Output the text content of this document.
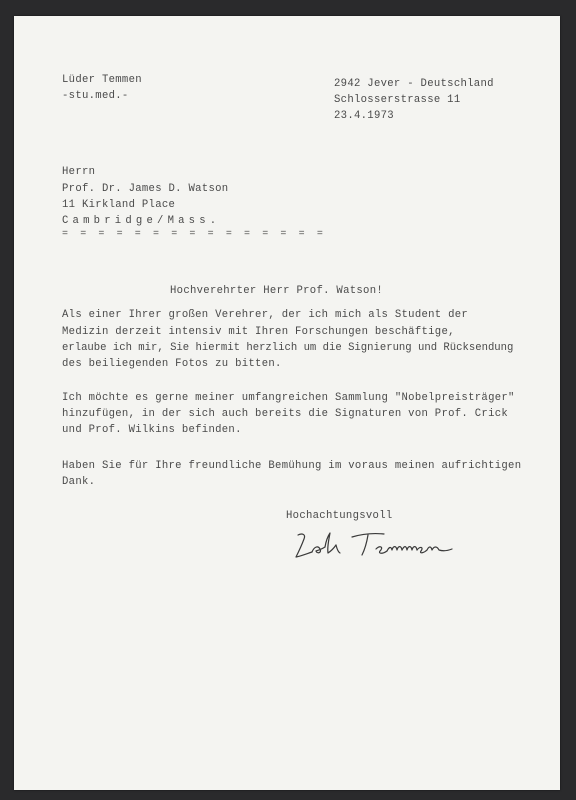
Lüder Temmen
-stu.med.-
2942 Jever - Deutschland
Schlosserstrasse 11
23.4.1973
Herrn
Prof. Dr. James D. Watson
11 Kirkland Place
Cambridge/Mass.
= = = = = = = = = = = = = = =
Hochverehrter Herr Prof. Watson!
Als einer Ihrer großen Verehrer, der ich mich als Student der
Medizin derzeit intensiv mit Ihren Forschungen beschäftige,
erlaube ich mir, Sie hiermit herzlich um die Signierung und Rücksendung
des beiliegenden Fotos zu bitten.
Ich möchte es gerne meiner umfangreichen Sammlung "Nobelpreisträger"
hinzufügen, in der sich auch bereits die Signaturen von Prof. Crick
und Prof. Wilkins befinden.
Haben Sie für Ihre freundliche Bemühung im voraus meinen aufrichtigen
Dank.
Hochachtungsvoll
